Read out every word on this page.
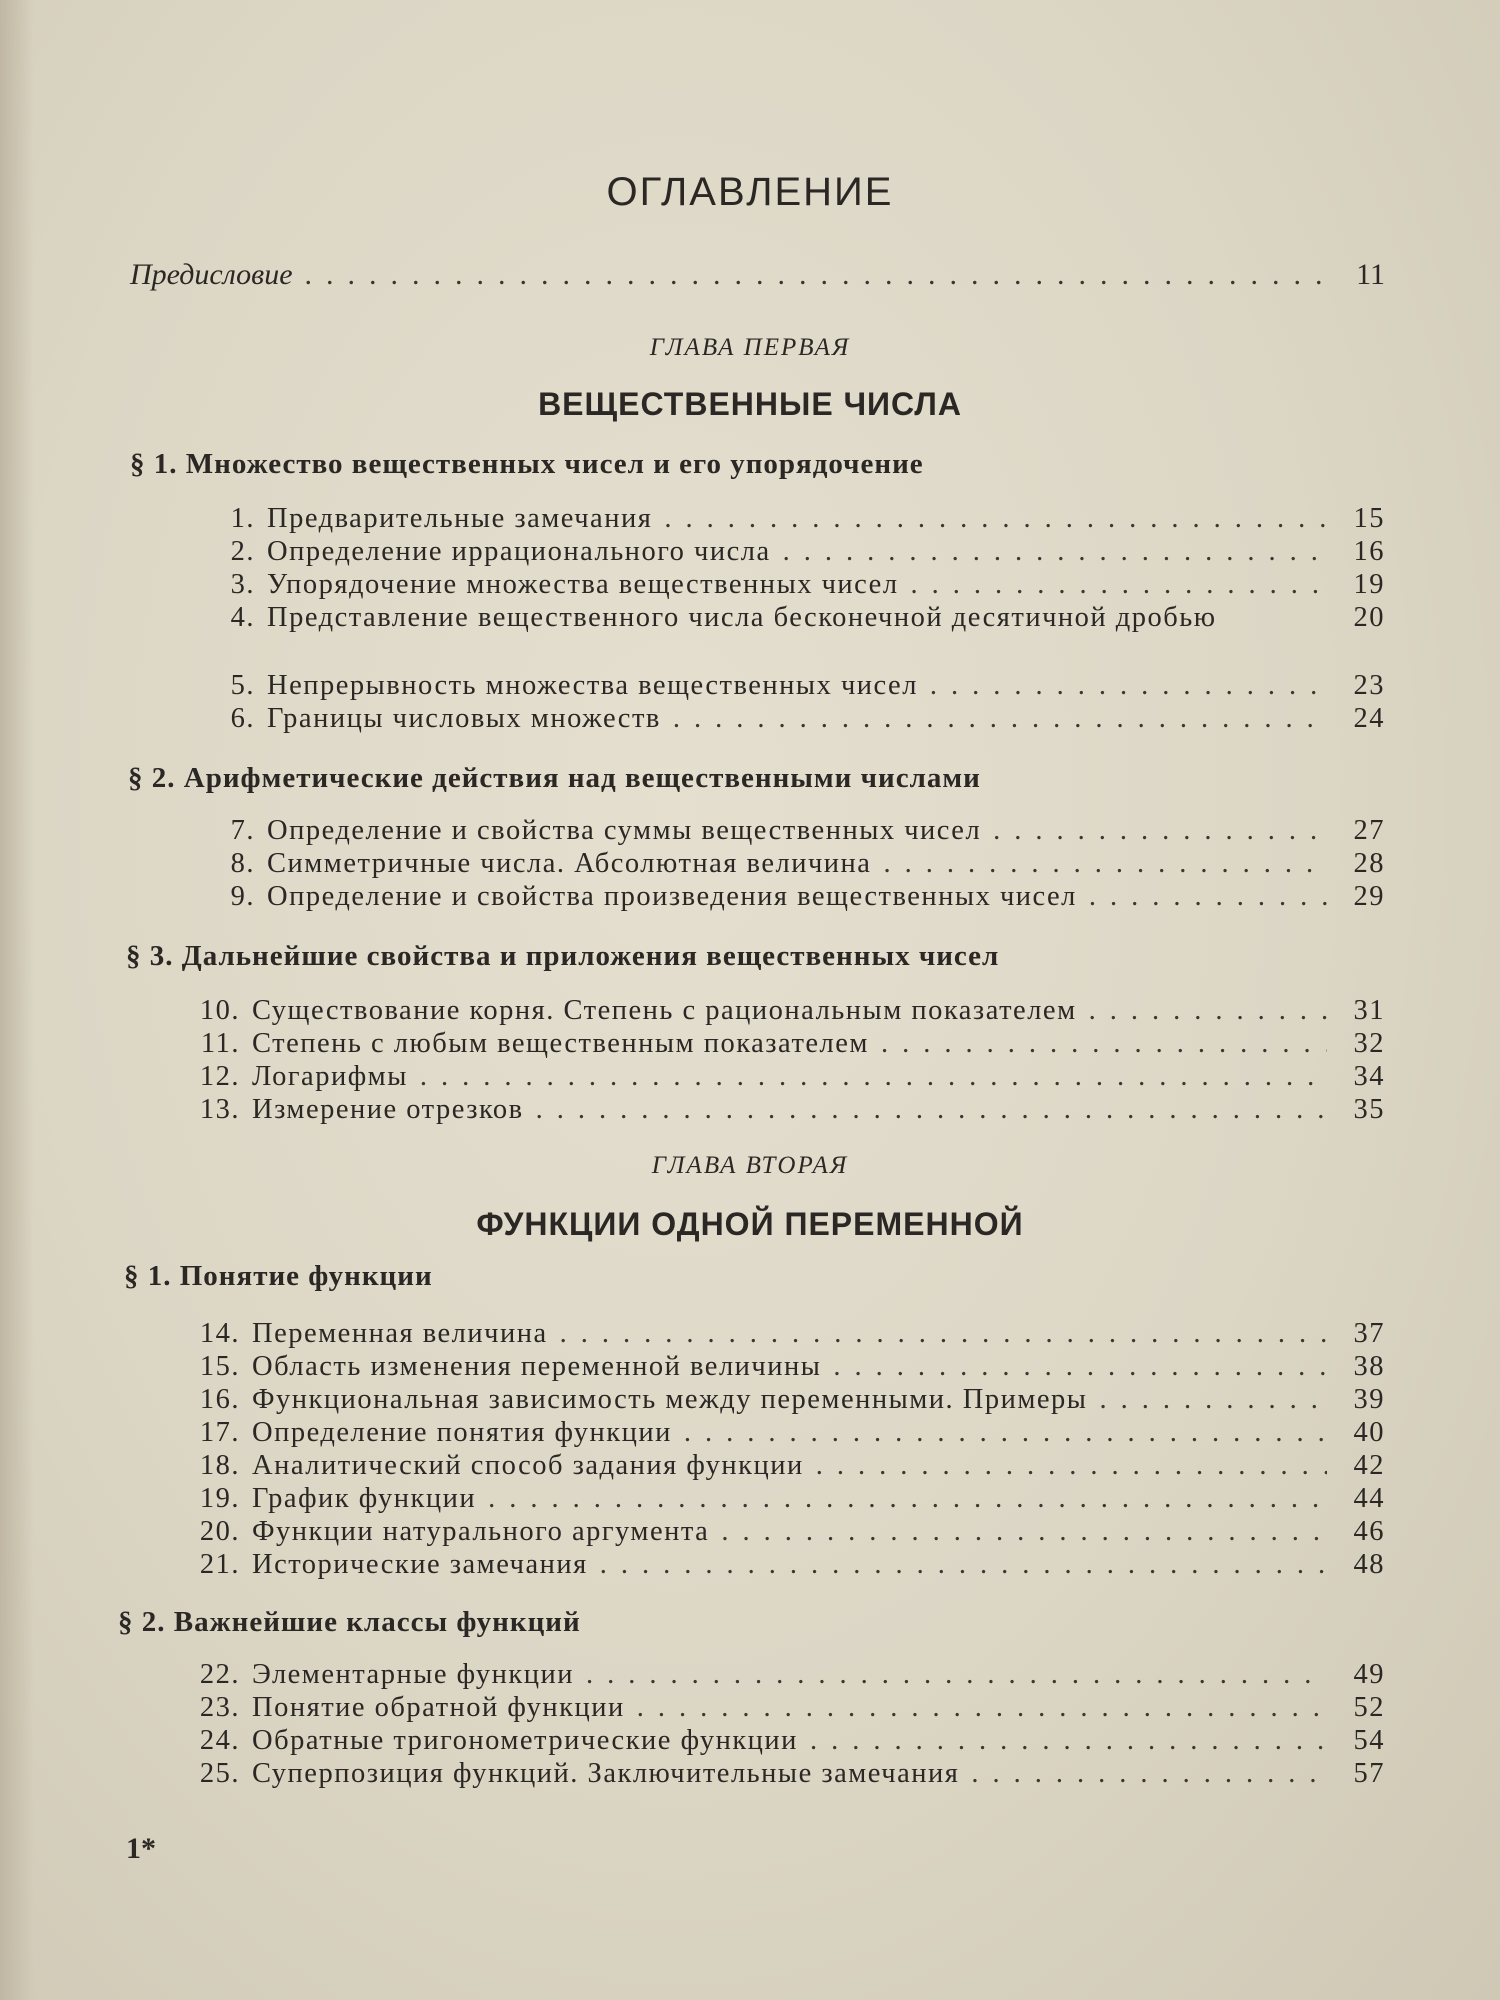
ОГЛАВЛЕНИЕ
Предисловие .....	11
ГЛАВА ПЕРВАЯ
ВЕЩЕСТВЕННЫЕ ЧИСЛА
§ 1. Множество вещественных чисел и его упорядочение
1. Предварительные замечания .....	15
2. Определение иррационального числа .....	16
3. Упорядочение множества вещественных чисел .....	19
4. Представление вещественного числа бесконечной десятичной дробью	20
5. Непрерывность множества вещественных чисел .....	23
6. Границы числовых множеств .....	24
§ 2. Арифметические действия над вещественными числами
7. Определение и свойства суммы вещественных чисел .....	27
8. Симметричные числа. Абсолютная величина .....	28
9. Определение и свойства произведения вещественных чисел .....	29
§ 3. Дальнейшие свойства и приложения вещественных чисел
10. Существование корня. Степень с рациональным показателем .....	31
11. Степень с любым вещественным показателем .....	32
12. Логарифмы .....	34
13. Измерение отрезков .....	35
ГЛАВА ВТОРАЯ
ФУНКЦИИ ОДНОЙ ПЕРЕМЕННОЙ
§ 1. Понятие функции
14. Переменная величина .....	37
15. Область изменения переменной величины .....	38
16. Функциональная зависимость между переменными. Примеры .....	39
17. Определение понятия функции .....	40
18. Аналитический способ задания функции .....	42
19. График функции .....	44
20. Функции натурального аргумента .....	46
21. Исторические замечания .....	48
§ 2. Важнейшие классы функций
22. Элементарные функции .....	49
23. Понятие обратной функции .....	52
24. Обратные тригонометрические функции .....	54
25. Суперпозиция функций. Заключительные замечания .....	57
1*
